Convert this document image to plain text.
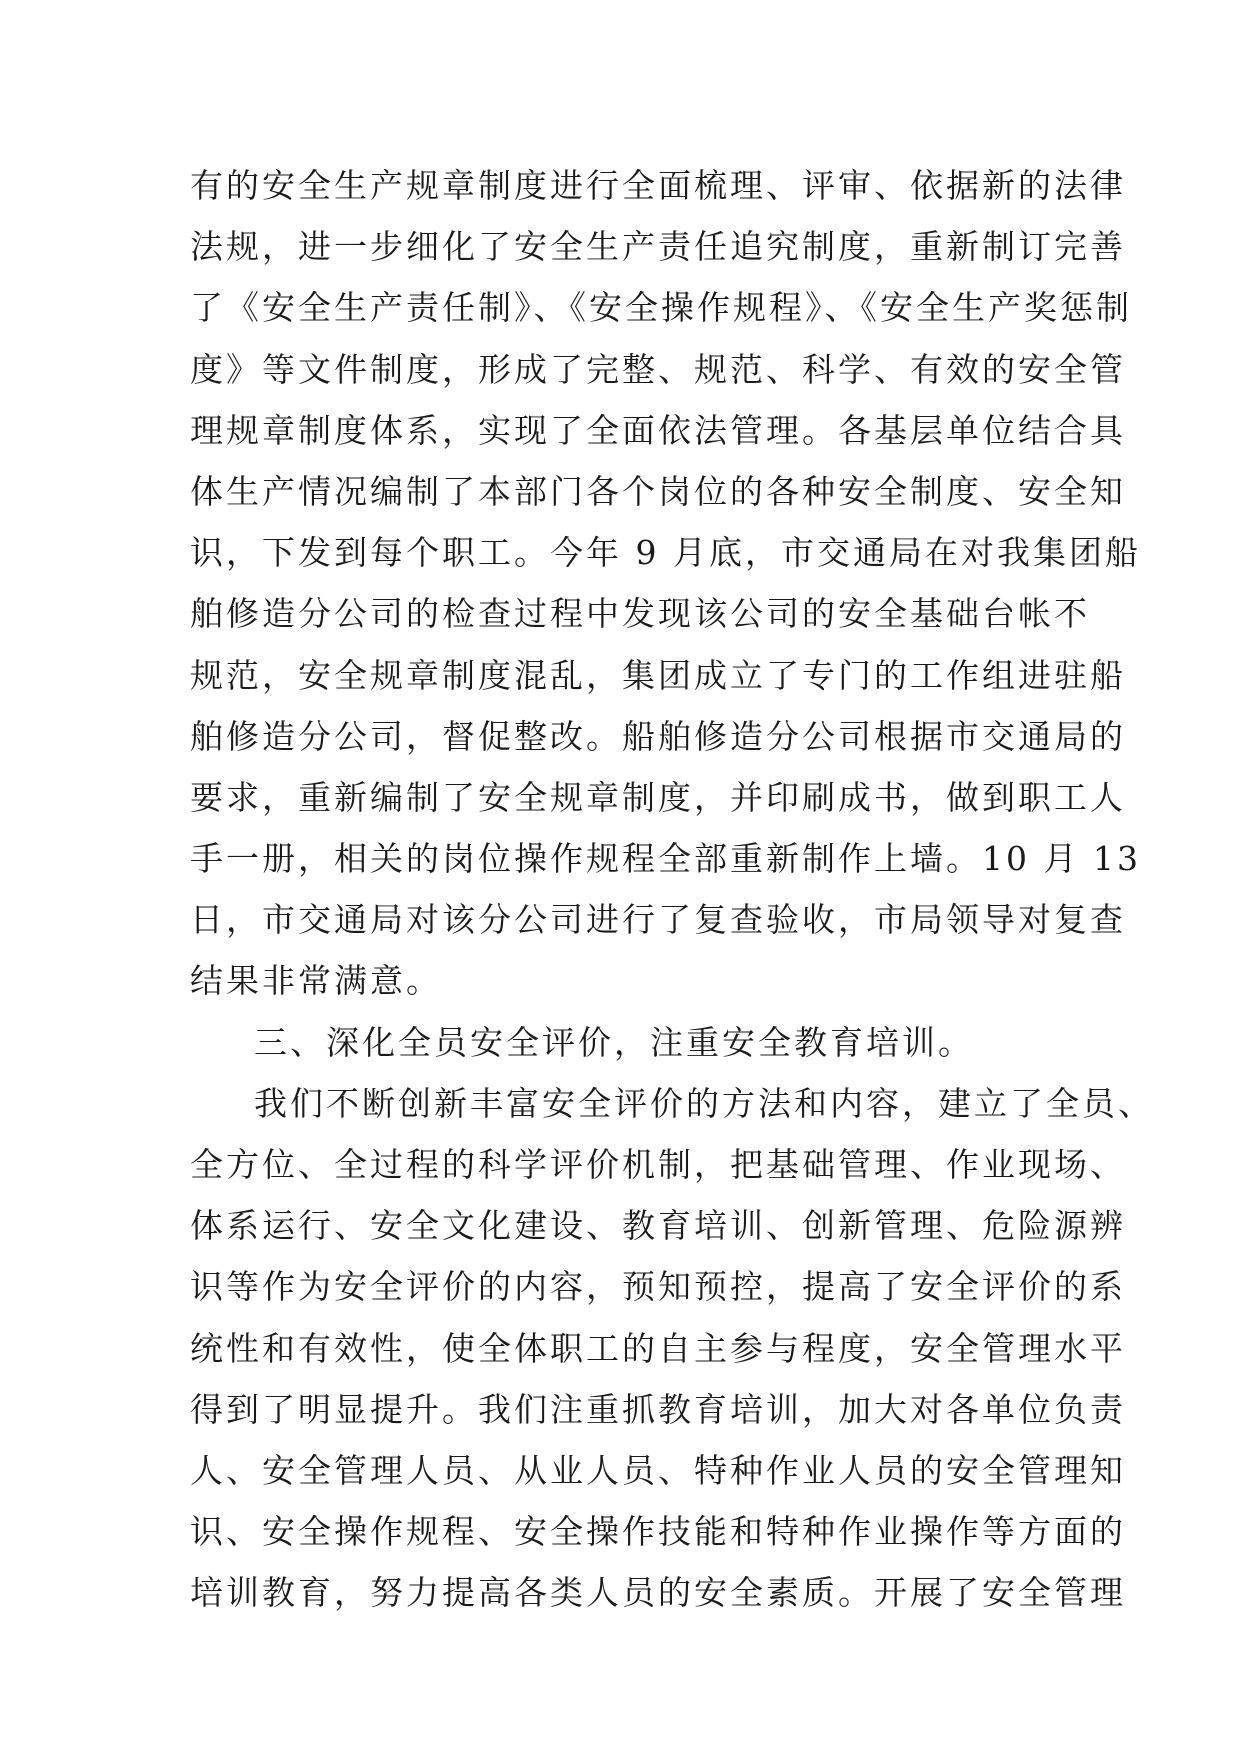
有的安全生产规章制度进行全面梳理、评审、依据新的法律
法规，进一步细化了安全生产责任追究制度，重新制订完善
了《安全生产责任制》、《安全操作规程》、《安全生产奖惩制
度》等文件制度，形成了完整、规范、科学、有效的安全管
理规章制度体系，实现了全面依法管理。各基层单位结合具
体生产情况编制了本部门各个岗位的各种安全制度、安全知
识，下发到每个职工。今年 9 月底，市交通局在对我集团船
舶修造分公司的检查过程中发现该公司的安全基础台帐不
规范，安全规章制度混乱，集团成立了专门的工作组进驻船
舶修造分公司，督促整改。船舶修造分公司根据市交通局的
要求，重新编制了安全规章制度，并印刷成书，做到职工人
手一册，相关的岗位操作规程全部重新制作上墙。10 月 13
日，市交通局对该分公司进行了复查验收，市局领导对复查
结果非常满意。
三、深化全员安全评价，注重安全教育培训。
我们不断创新丰富安全评价的方法和内容，建立了全员、
全方位、全过程的科学评价机制，把基础管理、作业现场、
体系运行、安全文化建设、教育培训、创新管理、危险源辨
识等作为安全评价的内容，预知预控，提高了安全评价的系
统性和有效性，使全体职工的自主参与程度，安全管理水平
得到了明显提升。我们注重抓教育培训，加大对各单位负责
人、安全管理人员、从业人员、特种作业人员的安全管理知
识、安全操作规程、安全操作技能和特种作业操作等方面的
培训教育，努力提高各类人员的安全素质。开展了安全管理
